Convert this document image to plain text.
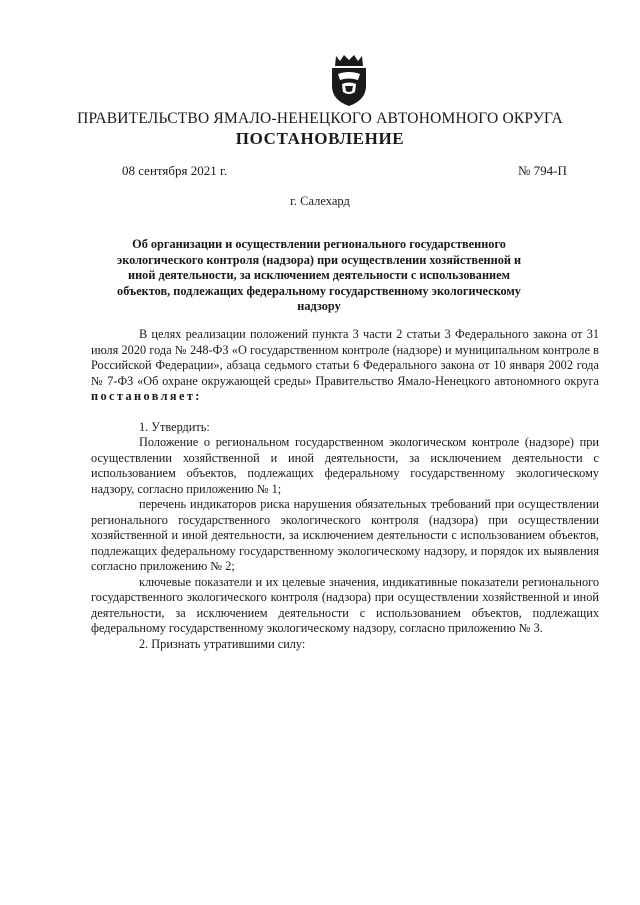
ПРАВИТЕЛЬСТВО ЯМАЛО-НЕНЕЦКОГО АВТОНОМНОГО ОКРУГА
ПОСТАНОВЛЕНИЕ
08 сентября 2021 г.	№ 794-П
г. Салехард
Об организации и осуществлении регионального государственного экологического контроля (надзора) при осуществлении хозяйственной и иной деятельности, за исключением деятельности с использованием объектов, подлежащих федеральному государственному экологическому надзору

В целях реализации положений пункта 3 части 2 статьи 3 Федерального закона от 31 июля 2020 года № 248-ФЗ «О государственном контроле (надзоре) и муниципальном контроле в Российской Федерации», абзаца седьмого статьи 6 Федерального закона от 10 января 2002 года № 7-ФЗ «Об охране окружающей среды» Правительство Ямало-Ненецкого автономного округа постановляет:

1. Утвердить:

Положение о региональном государственном экологическом контроле (надзоре) при осуществлении хозяйственной и иной деятельности, за исключением деятельности с использованием объектов, подлежащих федеральному государственному экологическому надзору, согласно приложению № 1;

перечень индикаторов риска нарушения обязательных требований при осуществлении регионального государственного экологического контроля (надзора) при осуществлении хозяйственной и иной деятельности, за исключением деятельности с использованием объектов, подлежащих федеральному государственному экологическому надзору, и порядок их выявления согласно приложению № 2;

ключевые показатели и их целевые значения, индикативные показатели регионального государственного экологического контроля (надзора) при осуществлении хозяйственной и иной деятельности, за исключением деятельности с использованием объектов, подлежащих федеральному государственному экологическому надзору, согласно приложению № 3.

2. Признать утратившими силу:
